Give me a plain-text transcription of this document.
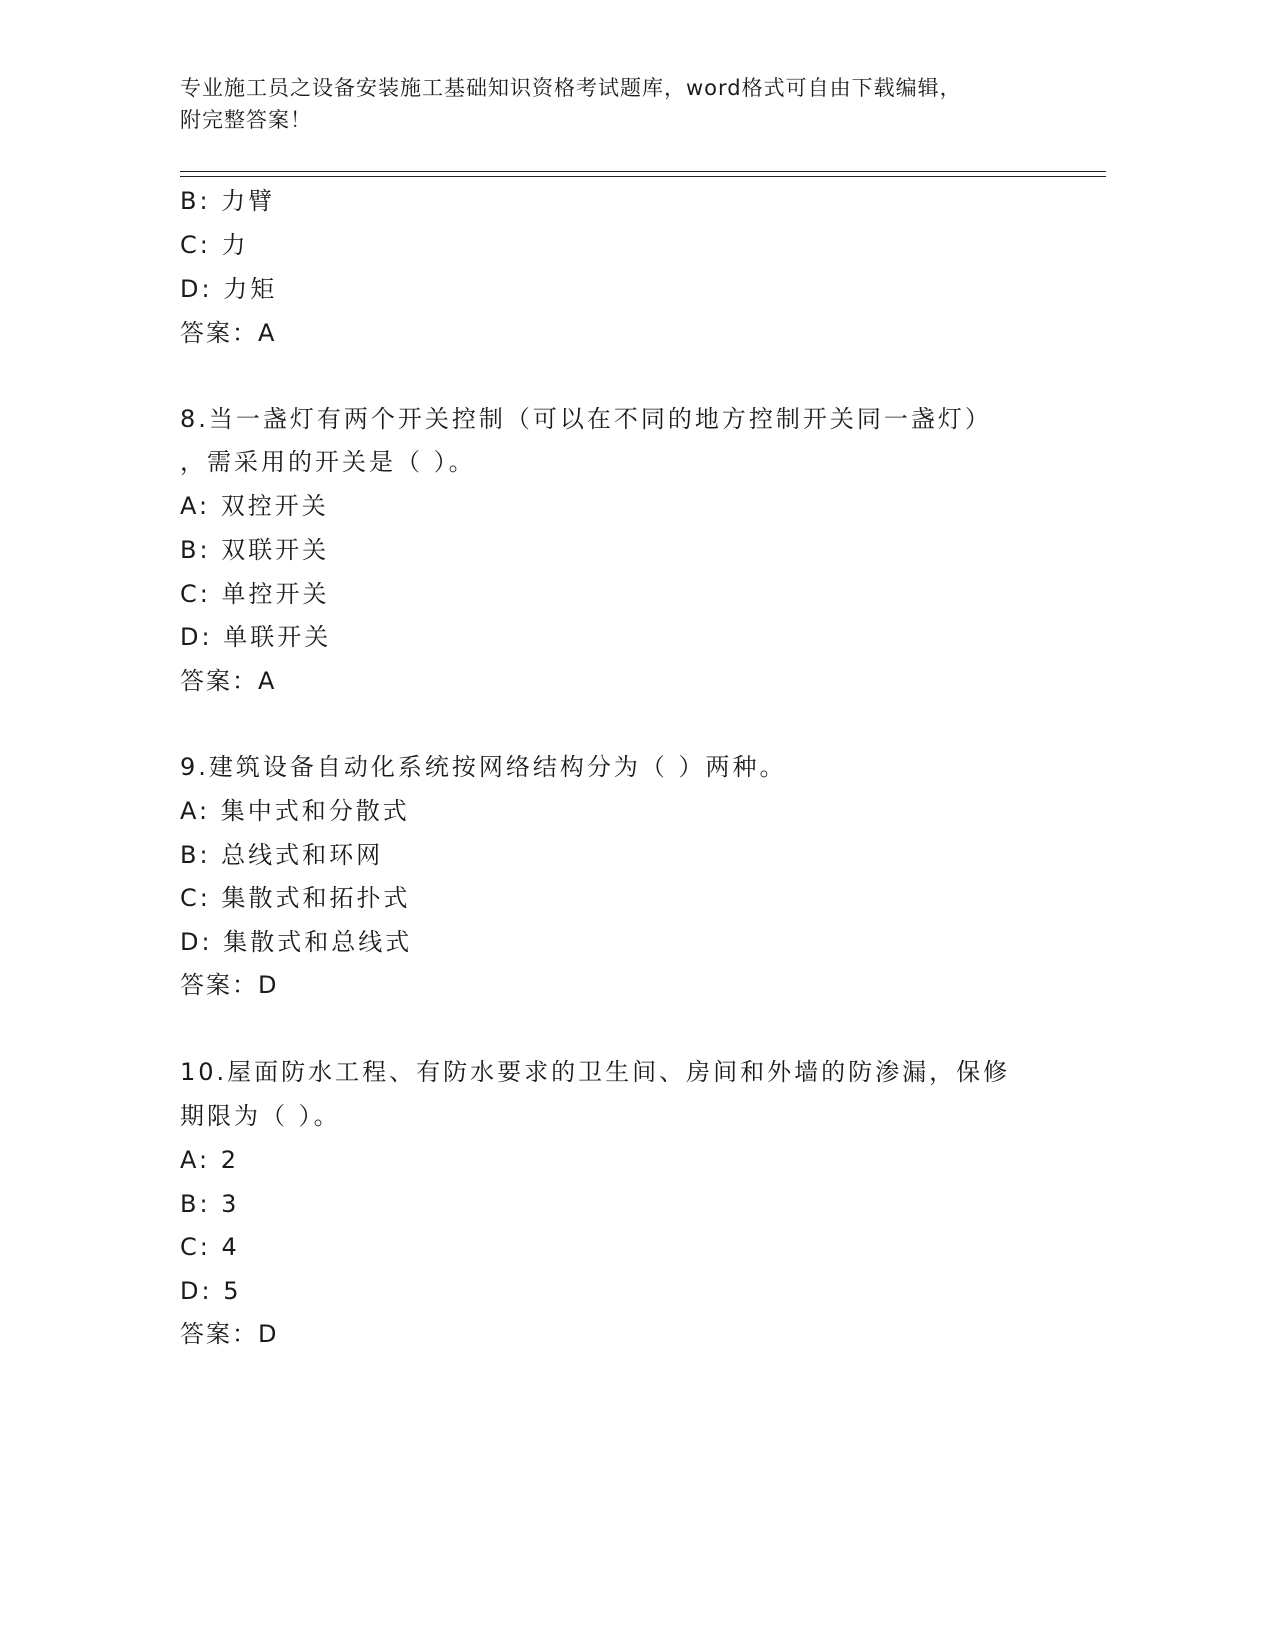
专业施工员之设备安装施工基础知识资格考试题库，word格式可自由下载编辑，
附完整答案！
B: 力臂
C: 力
D: 力矩
答案：A
8.当一盏灯有两个开关控制（可以在不同的地方控制开关同一盏灯）
，需采用的开关是（ ）。
A: 双控开关
B: 双联开关
C: 单控开关
D: 单联开关
答案：A
9.建筑设备自动化系统按网络结构分为（ ）两种。
A: 集中式和分散式
B: 总线式和环网
C: 集散式和拓扑式
D: 集散式和总线式
答案：D
10.屋面防水工程、有防水要求的卫生间、房间和外墙的防渗漏，保修
期限为（ ）。
A: 2
B: 3
C: 4
D: 5
答案：D
